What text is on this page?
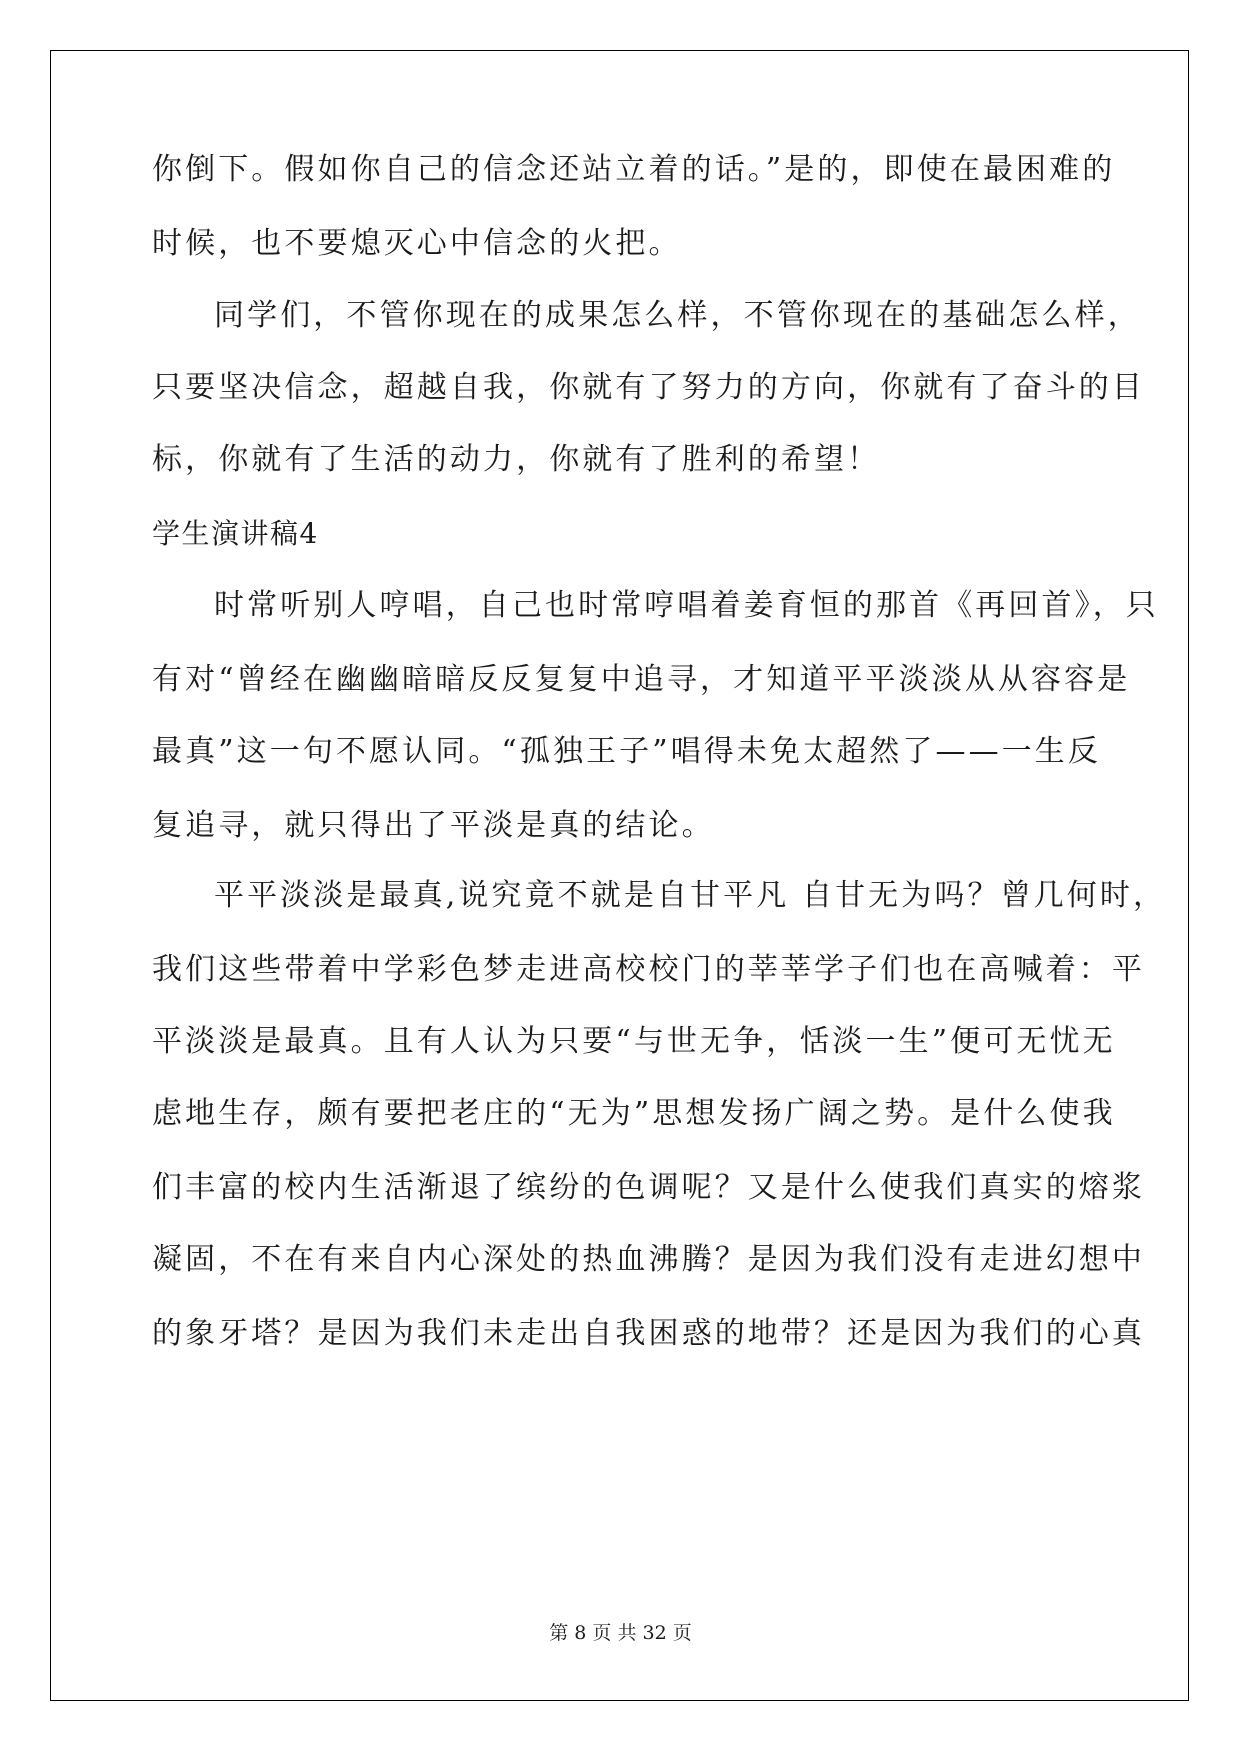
你倒下。假如你自己的信念还站立着的话。”是的，即使在最困难的
时候，也不要熄灭心中信念的火把。
同学们，不管你现在的成果怎么样，不管你现在的基础怎么样，
只要坚决信念，超越自我，你就有了努力的方向，你就有了奋斗的目
标，你就有了生活的动力，你就有了胜利的希望！
学生演讲稿4
时常听别人哼唱，自己也时常哼唱着姜育恒的那首《再回首》，只
有对“曾经在幽幽暗暗反反复复中追寻，才知道平平淡淡从从容容是
最真”这一句不愿认同。“孤独王子”唱得未免太超然了——一生反
复追寻，就只得出了平淡是真的结论。
平平淡淡是最真,说究竟不就是自甘平凡 自甘无为吗？曾几何时，
我们这些带着中学彩色梦走进高校校门的莘莘学子们也在高喊着：平
平淡淡是最真。且有人认为只要“与世无争，恬淡一生”便可无忧无
虑地生存，颇有要把老庄的“无为”思想发扬广阔之势。是什么使我
们丰富的校内生活渐退了缤纷的色调呢？又是什么使我们真实的熔浆
凝固，不在有来自内心深处的热血沸腾？是因为我们没有走进幻想中
的象牙塔？是因为我们未走出自我困惑的地带？还是因为我们的心真
第 8 页 共 32 页
